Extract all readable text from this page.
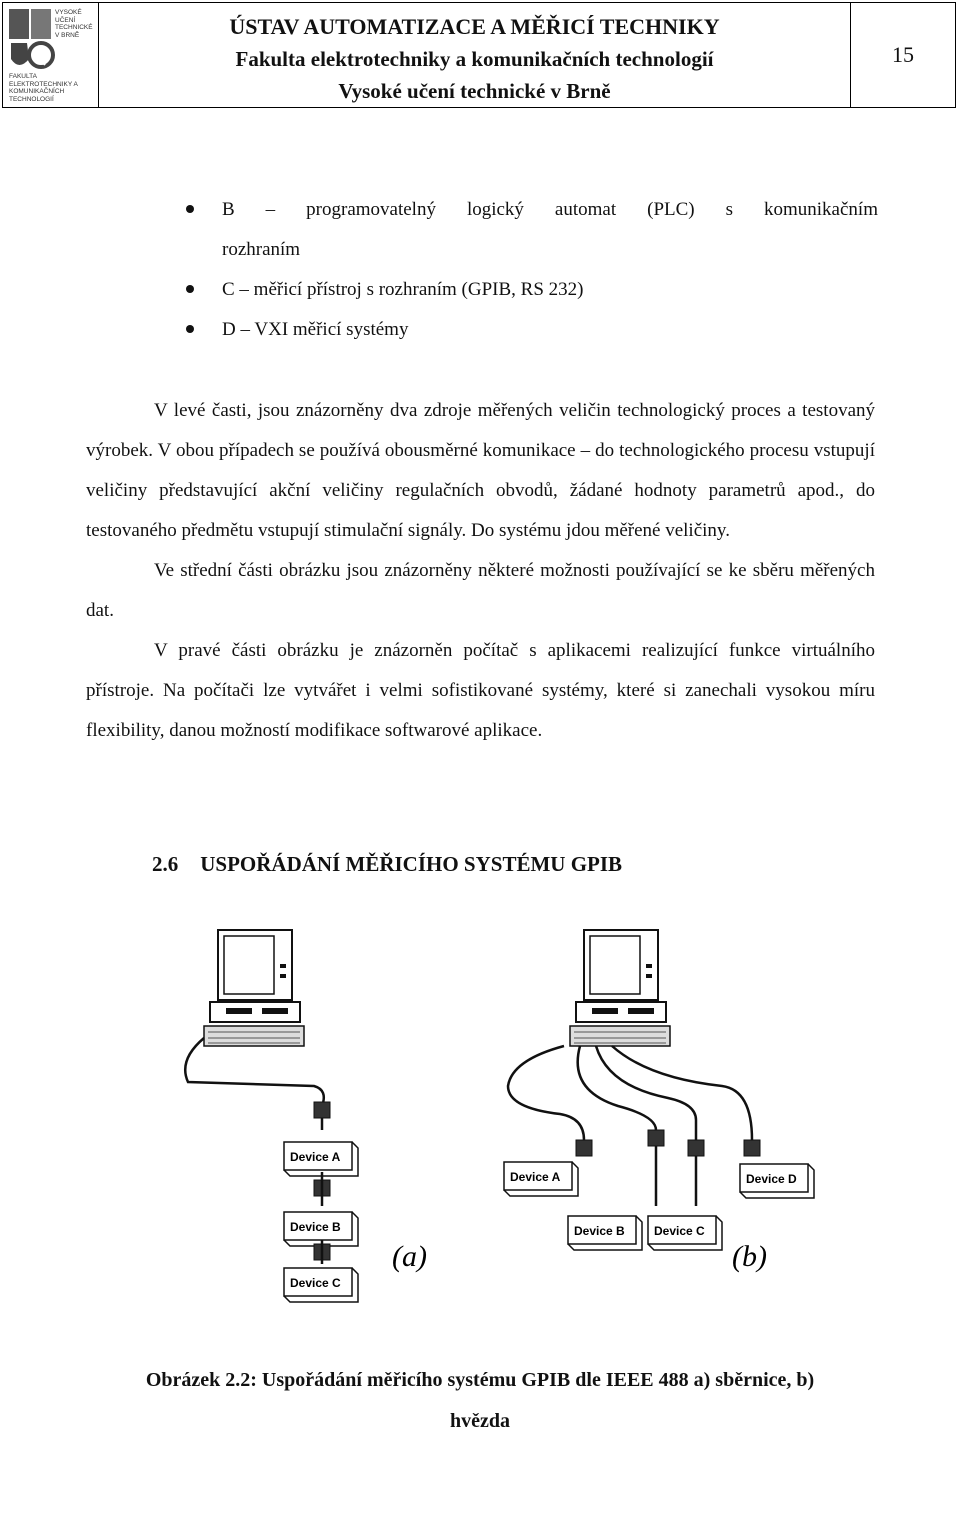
VYSOKÉ UČENÍ TECHNICKÉ V BRNĚ
FAKULTA ELEKTROTECHNIKY A KOMUNIKAČNÍCH TECHNOLOGIÍ
ÚSTAV AUTOMATIZACE A MĚŘICÍ TECHNIKY
Fakulta elektrotechniky a komunikačních technologií
Vysoké učení technické v Brně
15
B – programovatelný logický automat (PLC) s komunikačním
rozhraním
C – měřicí přístroj s rozhraním (GPIB, RS 232)
D – VXI měřicí systémy

V levé časti, jsou znázorněny dva zdroje měřených veličin technologický proces a testovaný výrobek. V obou případech se používá obousměrné komunikace – do technologického procesu vstupují veličiny představující akční veličiny regulačních obvodů, žádané hodnoty parametrů apod., do testovaného předmětu vstupují stimulační signály. Do systému jdou měřené veličiny.

Ve střední části obrázku jsou znázorněny některé možnosti používající se ke sběru měřených dat.

V pravé části obrázku je znázorněn počítač s aplikacemi realizující funkce virtuálního přístroje. Na počítači lze vytvářet i velmi sofistikované systémy, které si zanechali vysokou míru flexibility, danou možností modifikace softwarové aplikace.

2.6 USPOŘÁDÁNÍ MĚŘICÍHO SYSTÉMU GPIB
Device A
Device B
Device C
(a)
Device A	Device D
Device B Device C
(b)
Obrázek 2.2: Uspořádání měřicího systému GPIB dle IEEE 488 a) sběrnice, b)
hvězda
